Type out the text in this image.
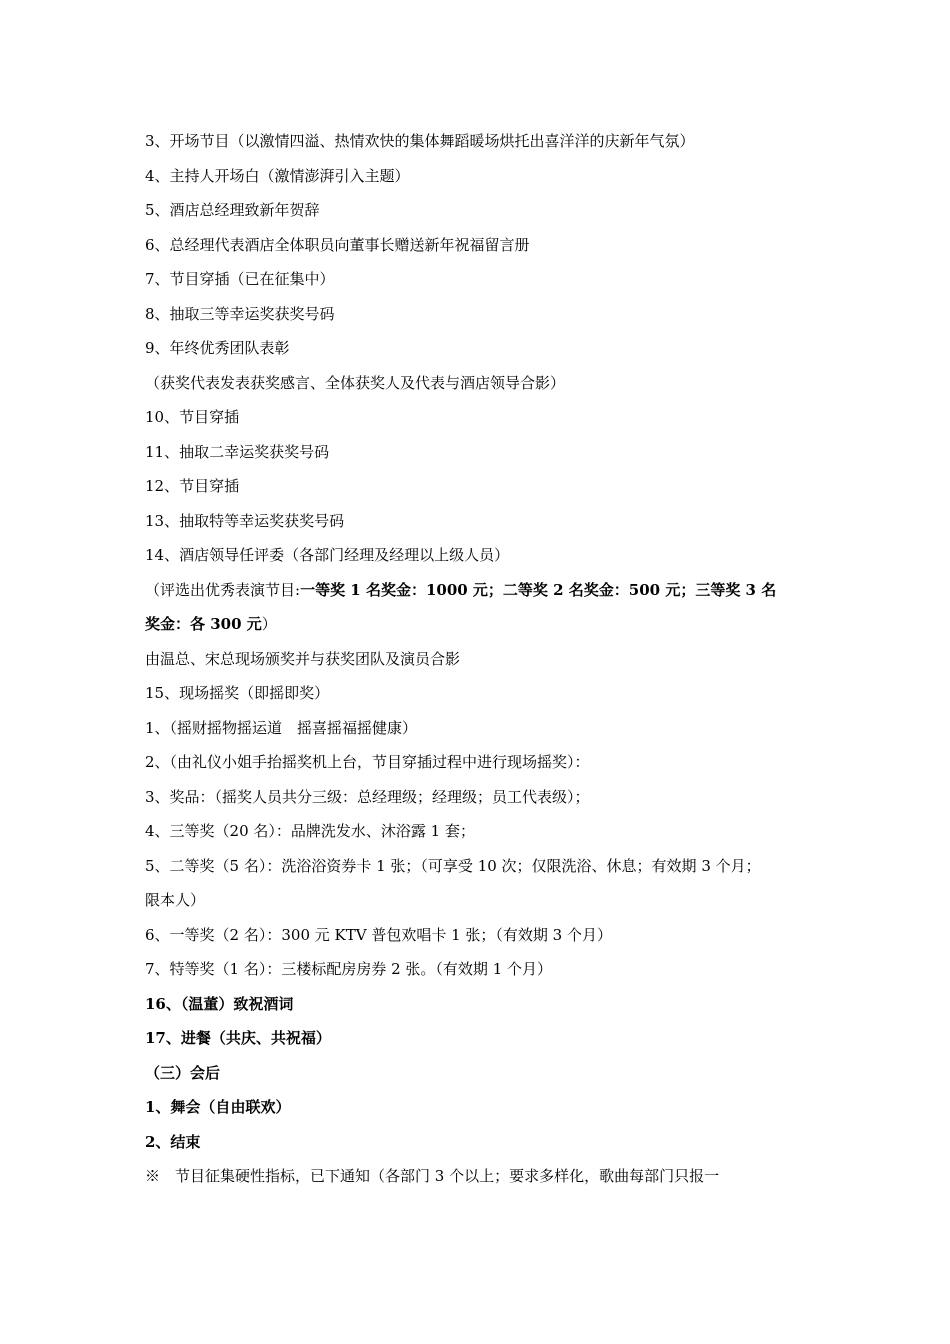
3、开场节目（以激情四溢、热情欢快的集体舞蹈暖场烘托出喜洋洋的庆新年气氛）
4、主持人开场白（激情澎湃引入主题）
5、酒店总经理致新年贺辞
6、总经理代表酒店全体职员向董事长赠送新年祝福留言册
7、节目穿插（已在征集中）
8、抽取三等幸运奖获奖号码
9、年终优秀团队表彰
（获奖代表发表获奖感言、全体获奖人及代表与酒店领导合影）
10、节目穿插
11、抽取二幸运奖获奖号码
12、节目穿插
13、抽取特等幸运奖获奖号码
14、酒店领导任评委（各部门经理及经理以上级人员）
（评选出优秀表演节目:一等奖 1 名奖金：1000 元；二等奖 2 名奖金：500 元；三等奖 3 名
奖金：各 300 元）
由温总、宋总现场颁奖并与获奖团队及演员合影
15、现场摇奖（即摇即奖）
1、（摇财摇物摇运道　摇喜摇福摇健康）
2、（由礼仪小姐手抬摇奖机上台，节目穿插过程中进行现场摇奖）：
3、奖品：（摇奖人员共分三级：总经理级；经理级；员工代表级）；
4、三等奖（20 名）：品牌洗发水、沐浴露 1 套；
5、二等奖（5 名）：洗浴浴资券卡 1 张；（可享受 10 次；仅限洗浴、休息；有效期 3 个月；
限本人）
6、一等奖（2 名）：300 元 KTV 普包欢唱卡 1 张；（有效期 3 个月）
7、特等奖（1 名）：三楼标配房房券 2 张。（有效期 1 个月）
16、（温董）致祝酒词
17、进餐（共庆、共祝福）
（三）会后
1、舞会（自由联欢）
2、结束
※　节目征集硬性指标，已下通知（各部门 3 个以上；要求多样化，歌曲每部门只报一
